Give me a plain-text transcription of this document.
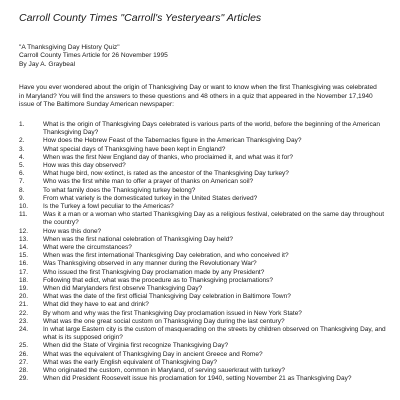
Carroll County Times "Carroll's Yesteryears" Articles
"A Thanksgiving Day History Quiz"
Carroll County Times Article for 26 November 1995
By Jay A. Graybeal
Have you ever wondered about the origin of Thanksgiving Day or want to know when the first Thanksgiving was celebrated in Maryland? You will find the answers to these questions and 48 others in a quiz that appeared in the November 17,1940 issue of The Baltimore Sunday American newspaper:
1.	What is the origin of Thanksgiving Days celebrated is various parts of the world, before the beginning of the American Thanksgiving Day?
2.	How does the Hebrew Feast of the Tabernacles figure in the American Thanksgiving Day?
3.	What special days of Thanksgiving have been kept in England?
4.	When was the first New England day of thanks, who proclaimed it, and what was it for?
5.	How was this day observed?
6.	What huge bird, now extinct, is rated as the ancestor of the Thanksgiving Day turkey?
7.	Who was the first white man to offer a prayer of thanks on American soil?
8.	To what family does the Thanksgiving turkey belong?
9.	From what variety is the domesticated turkey in the United States derived?
10.	Is the Turkey a fowl peculiar to the Americas?
11.	Was it a man or a woman who started Thanksgiving Day as a religious festival, celebrated on the same day throughout the country?
12.	How was this done?
13.	When was the first national celebration of Thanksgiving Day held?
14.	What were the circumstances?
15.	When was the first international Thanksgiving Day celebration, and who conceived it?
16.	Was Thanksgiving observed in any manner during the Revolutionary War?
17.	Who issued the first Thanksgiving Day proclamation made by any President?
18.	Following that edict, what was the procedure as to Thanksgiving proclamations?
19.	When did Marylanders first observe Thanksgiving Day?
20.	What was the date of the first official Thanksgiving Day celebration in Baltimore Town?
21.	What did they have to eat and drink?
22.	By whom and why was the first Thanksgiving Day proclamation issued in New York State?
23.	What was the one great social custom on Thanksgiving Day during the last century?
24.	In what large Eastern city is the custom of masquerading on the streets by children observed on Thanksgiving Day, and what is its supposed origin?
25.	When did the State of Virginia first recognize Thanksgiving Day?
26.	What was the equivalent of Thanksgiving Day in ancient Greece and Rome?
27.	What was the early English equivalent of Thanksgiving Day?
28.	Who originated the custom, common in Maryland, of serving sauerkraut with turkey?
29.	When did President Roosevelt issue his proclamation for 1940, setting November 21 as Thanksgiving Day?
